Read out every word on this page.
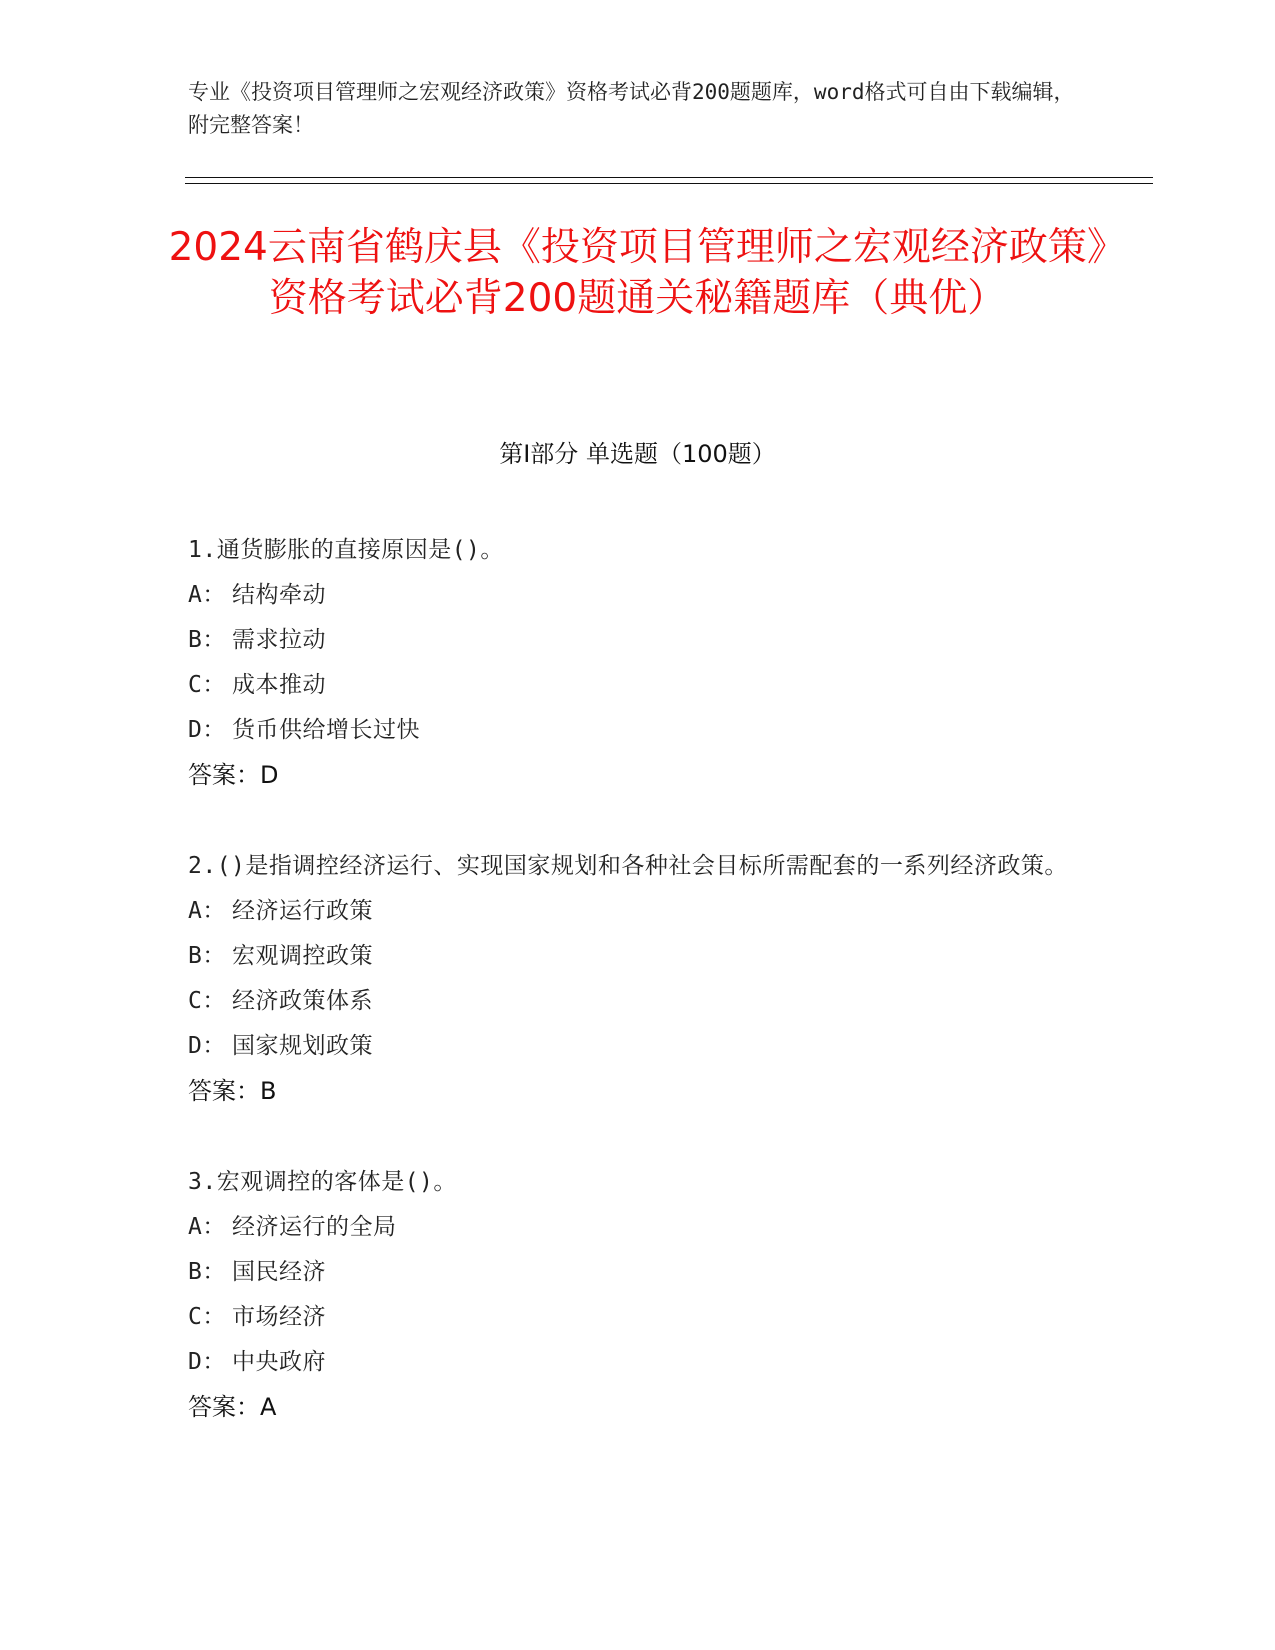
专业《投资项目管理师之宏观经济政策》资格考试必背200题题库，word格式可自由下载编辑，附完整答案！
2024云南省鹤庆县《投资项目管理师之宏观经济政策》资格考试必背200题通关秘籍题库（典优）
第Ⅰ部分 单选题（100题）
1.通货膨胀的直接原因是()。
A： 结构牵动
B： 需求拉动
C： 成本推动
D： 货币供给增长过快
答案：D
2.()是指调控经济运行、实现国家规划和各种社会目标所需配套的一系列经济政策。
A： 经济运行政策
B： 宏观调控政策
C： 经济政策体系
D： 国家规划政策
答案：B
3.宏观调控的客体是()。
A： 经济运行的全局
B： 国民经济
C： 市场经济
D： 中央政府
答案：A
